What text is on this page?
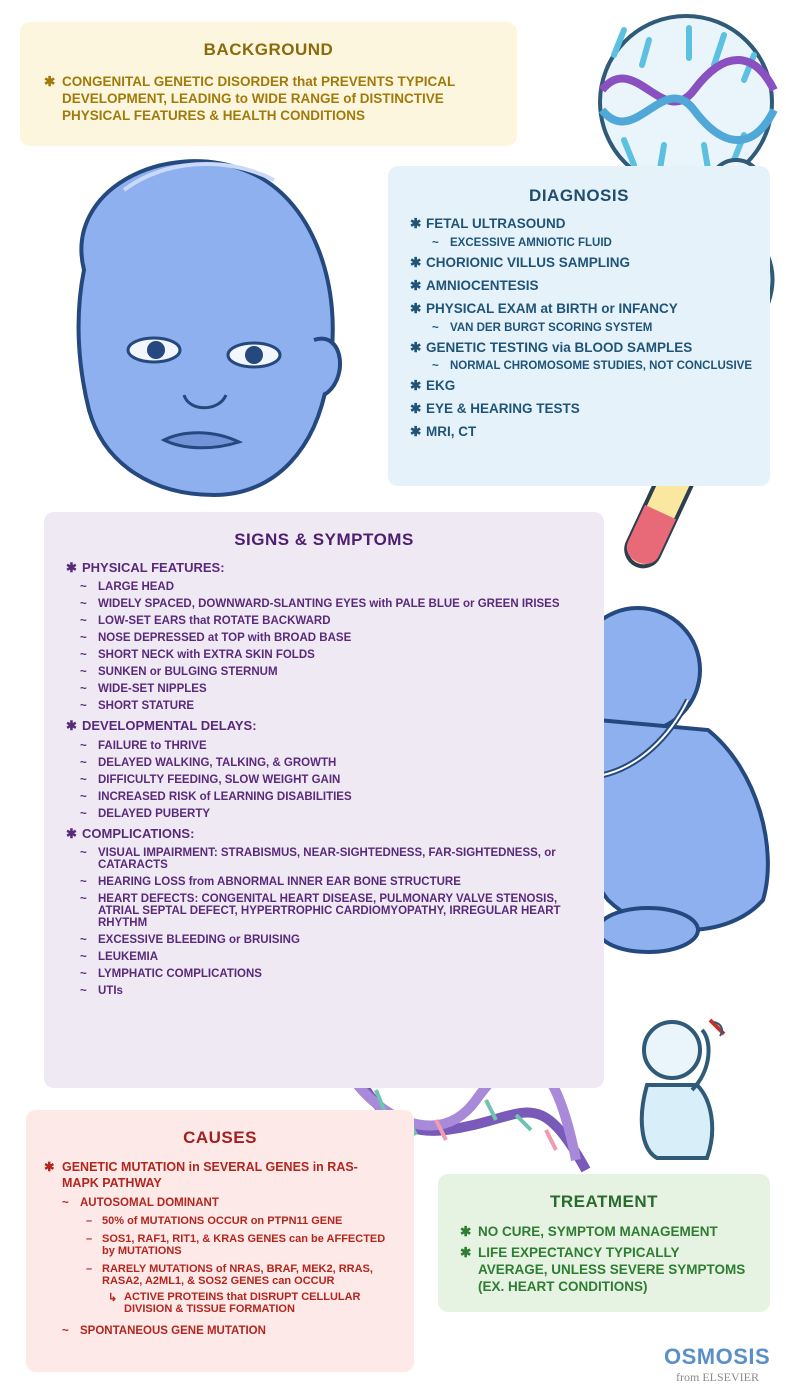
BACKGROUND
✱ CONGENITAL GENETIC DISORDER that PREVENTS TYPICAL DEVELOPMENT, LEADING to WIDE RANGE of DISTINCTIVE PHYSICAL FEATURES & HEALTH CONDITIONS
DIAGNOSIS
✱ FETAL ULTRASOUND
~ EXCESSIVE AMNIOTIC FLUID
✱ CHORIONIC VILLUS SAMPLING
✱ AMNIOCENTESIS
✱ PHYSICAL EXAM at BIRTH or INFANCY
~ VAN DER BURGT SCORING SYSTEM
✱ GENETIC TESTING via BLOOD SAMPLES
~ NORMAL CHROMOSOME STUDIES, NOT CONCLUSIVE
✱ EKG
✱ EYE & HEARING TESTS
✱ MRI, CT
SIGNS & SYMPTOMS
✱ PHYSICAL FEATURES:
~ LARGE HEAD
~ WIDELY SPACED, DOWNWARD-SLANTING EYES with PALE BLUE or GREEN IRISES
~ LOW-SET EARS that ROTATE BACKWARD
~ NOSE DEPRESSED at TOP with BROAD BASE
~ SHORT NECK with EXTRA SKIN FOLDS
~ SUNKEN or BULGING STERNUM
~ WIDE-SET NIPPLES
~ SHORT STATURE
✱ DEVELOPMENTAL DELAYS:
~ FAILURE to THRIVE
~ DELAYED WALKING, TALKING, & GROWTH
~ DIFFICULTY FEEDING, SLOW WEIGHT GAIN
~ INCREASED RISK of LEARNING DISABILITIES
~ DELAYED PUBERTY
✱ COMPLICATIONS:
~ VISUAL IMPAIRMENT: STRABISMUS, NEAR-SIGHTEDNESS, FAR-SIGHTEDNESS, or CATARACTS
~ HEARING LOSS from ABNORMAL INNER EAR BONE STRUCTURE
~ HEART DEFECTS: CONGENITAL HEART DISEASE, PULMONARY VALVE STENOSIS, ATRIAL SEPTAL DEFECT, HYPERTROPHIC CARDIOMYOPATHY, IRREGULAR HEART RHYTHM
~ EXCESSIVE BLEEDING or BRUISING
~ LEUKEMIA
~ LYMPHATIC COMPLICATIONS
~ UTIs
CAUSES
✱ GENETIC MUTATION in SEVERAL GENES in RAS-MAPK PATHWAY
~ AUTOSOMAL DOMINANT
– 50% of MUTATIONS OCCUR on PTPN11 GENE
– SOS1, RAF1, RIT1, & KRAS GENES can be AFFECTED by MUTATIONS
– RARELY MUTATIONS of NRAS, BRAF, MEK2, RRAS, RASA2, A2ML1, & SOS2 GENES can OCCUR
↳ ACTIVE PROTEINS that DISRUPT CELLULAR DIVISION & TISSUE FORMATION
~ SPONTANEOUS GENE MUTATION
TREATMENT
✱ NO CURE, SYMPTOM MANAGEMENT
✱ LIFE EXPECTANCY TYPICALLY AVERAGE, UNLESS SEVERE SYMPTOMS (EX. HEART CONDITIONS)
OSMOSIS
from ELSEVIER
